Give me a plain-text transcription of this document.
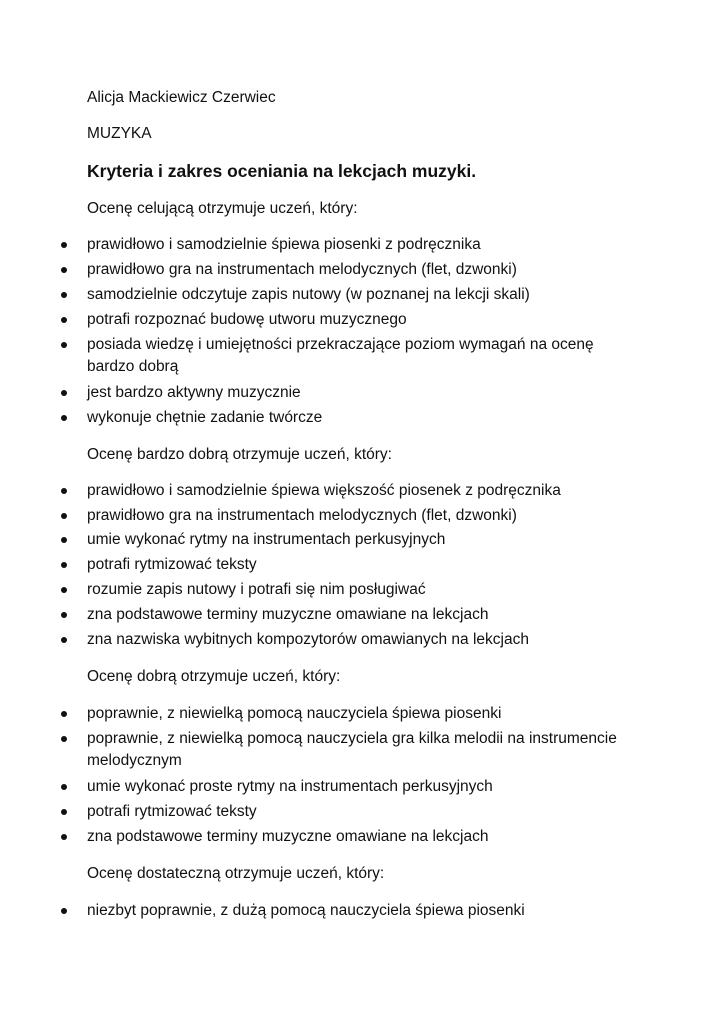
Alicja Mackiewicz Czerwiec
MUZYKA
Kryteria i zakres oceniania na lekcjach muzyki.
Ocenę celującą otrzymuje uczeń, który:
prawidłowo i samodzielnie śpiewa piosenki z podręcznika
prawidłowo gra na instrumentach melodycznych (flet, dzwonki)
samodzielnie odczytuje zapis nutowy (w poznanej na lekcji skali)
potrafi rozpoznać budowę utworu muzycznego
posiada wiedzę i umiejętności przekraczające poziom wymagań na ocenę bardzo dobrą
jest bardzo aktywny muzycznie
wykonuje chętnie zadanie twórcze
Ocenę bardzo dobrą otrzymuje uczeń, który:
prawidłowo i samodzielnie śpiewa większość piosenek z podręcznika
prawidłowo gra na instrumentach melodycznych (flet, dzwonki)
umie wykonać rytmy na instrumentach perkusyjnych
potrafi rytmizować teksty
rozumie zapis nutowy i potrafi się nim posługiwać
zna podstawowe terminy muzyczne omawiane na lekcjach
zna nazwiska wybitnych kompozytorów omawianych na lekcjach
Ocenę dobrą otrzymuje uczeń, który:
poprawnie, z niewielką pomocą nauczyciela śpiewa piosenki
poprawnie, z niewielką pomocą nauczyciela gra kilka melodii na instrumencie melodycznym
umie wykonać proste rytmy na instrumentach perkusyjnych
potrafi rytmizować teksty
zna podstawowe terminy muzyczne omawiane na lekcjach
Ocenę dostateczną otrzymuje uczeń, który:
niezbyt poprawnie, z dużą pomocą nauczyciela śpiewa piosenki
